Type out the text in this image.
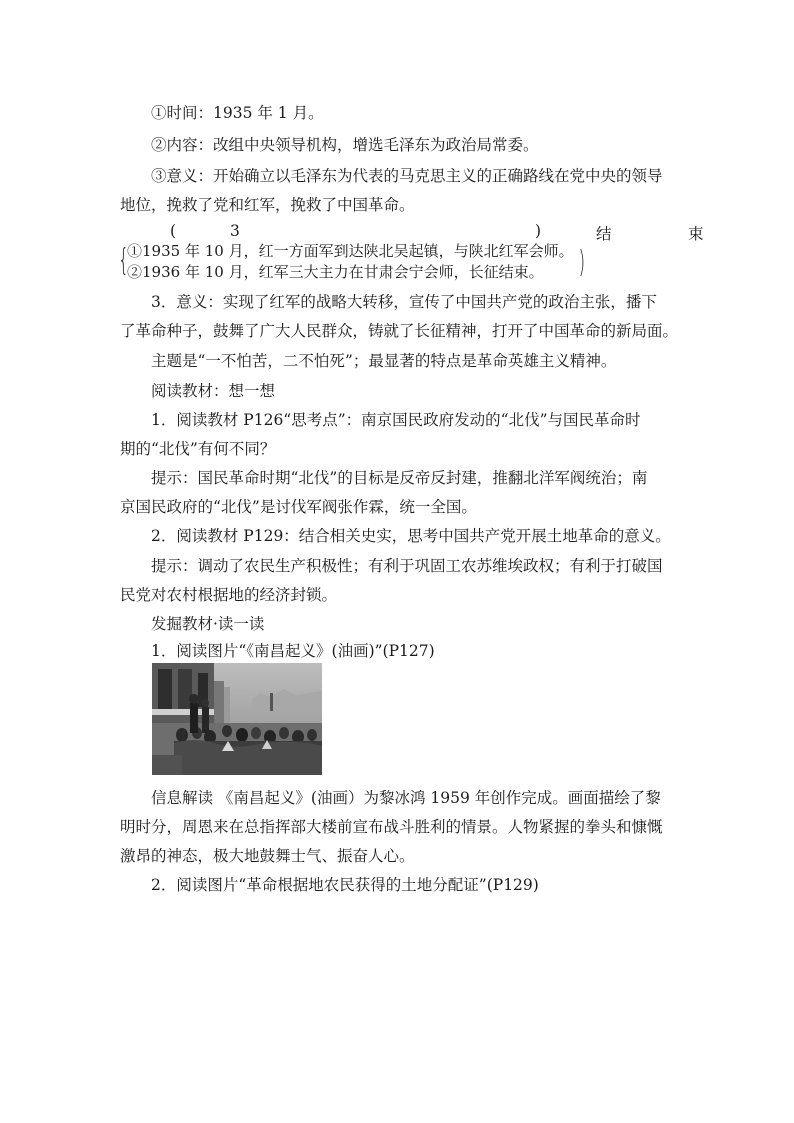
①时间：1935 年 1 月。
②内容：改组中央领导机构，增选毛泽东为政治局常委。
③意义：开始确立以毛泽东为代表的马克思主义的正确路线在党中央的领导
地位，挽救了党和红军，挽救了中国革命。
(	3	)	结	束
{
①1935 年 10 月，红一方面军到达陕北吴起镇，与陕北红军会师。
②1936 年 10 月，红军三大主力在甘肃会宁会师，长征结束。 )
3．意义：实现了红军的战略大转移，宣传了中国共产党的政治主张，播下
了革命种子，鼓舞了广大人民群众，铸就了长征精神，打开了中国革命的新局面。
主题是“一不怕苦，二不怕死”；最显著的特点是革命英雄主义精神。
阅读教材：想一想
1．阅读教材 P126“思考点”：南京国民政府发动的“北伐”与国民革命时
期的“北伐”有何不同？
提示：国民革命时期“北伐”的目标是反帝反封建，推翻北洋军阀统治；南
京国民政府的“北伐”是讨伐军阀张作霖，统一全国。
2．阅读教材 P129：结合相关史实，思考中国共产党开展土地革命的意义。
提示：调动了农民生产积极性；有利于巩固工农苏维埃政权；有利于打破国
民党对农村根据地的经济封锁。
发掘教材·读一读
1．阅读图片“《南昌起义》(油画)”(P127)
信息解读 《南昌起义》(油画）为黎冰鸿 1959 年创作完成。画面描绘了黎
明时分，周恩来在总指挥部大楼前宣布战斗胜利的情景。人物紧握的拳头和慷慨
激昂的神态，极大地鼓舞士气、振奋人心。
2．阅读图片“革命根据地农民获得的土地分配证”(P129)
